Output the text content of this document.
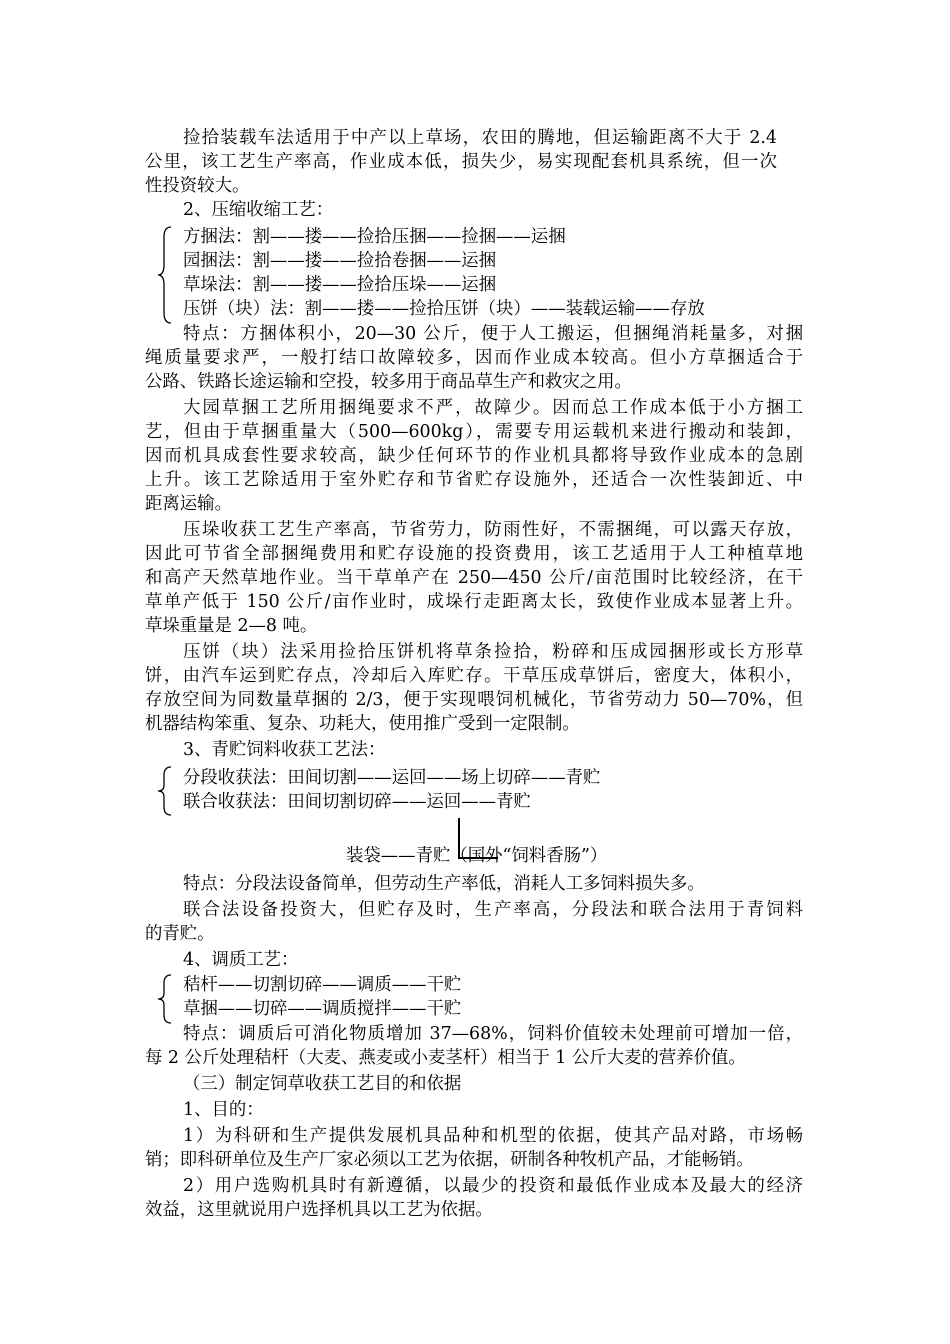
捡拾装载车法适用于中产以上草场，农田的腾地，但运输距离不大于 2.4
公里，该工艺生产率高，作业成本低，损失少，易实现配套机具系统，但一次
性投资较大。
2、压缩收缩工艺：
方捆法：割——搂——捡拾压捆——捡捆——运捆
园捆法：割——搂——捡拾卷捆——运捆
草垛法：割——搂——捡拾压垛——运捆
压饼（块）法：割——搂——捡拾压饼（块）——装载运输——存放
特点：方捆体积小，20—30 公斤，便于人工搬运，但捆绳消耗量多，对捆
绳质量要求严，一般打结口故障较多，因而作业成本较高。但小方草捆适合于
公路、铁路长途运输和空投，较多用于商品草生产和救灾之用。
大园草捆工艺所用捆绳要求不严，故障少。因而总工作成本低于小方捆工
艺，但由于草捆重量大（500—600kg），需要专用运载机来进行搬动和装卸，
因而机具成套性要求较高，缺少任何环节的作业机具都将导致作业成本的急剧
上升。该工艺除适用于室外贮存和节省贮存设施外，还适合一次性装卸近、中
距离运输。
压垛收获工艺生产率高，节省劳力，防雨性好，不需捆绳，可以露天存放，
因此可节省全部捆绳费用和贮存设施的投资费用，该工艺适用于人工种植草地
和高产天然草地作业。当干草单产在 250—450 公斤/亩范围时比较经济，在干
草单产低于 150 公斤/亩作业时，成垛行走距离太长，致使作业成本显著上升。
草垛重量是 2—8 吨。
压饼（块）法采用捡拾压饼机将草条捡拾，粉碎和压成园捆形或长方形草
饼，由汽车运到贮存点，冷却后入库贮存。干草压成草饼后，密度大，体积小，
存放空间为同数量草捆的 2/3，便于实现喂饲机械化，节省劳动力 50—70%，但
机器结构笨重、复杂、功耗大，使用推广受到一定限制。
3、青贮饲料收获工艺法：
分段收获法：田间切割——运回——场上切碎——青贮
联合收获法：田间切割切碎——运回——青贮
装袋——青贮（国外“饲料香肠”）
特点：分段法设备简单，但劳动生产率低，消耗人工多饲料损失多。
联合法设备投资大，但贮存及时，生产率高，分段法和联合法用于青饲料
的青贮。
4、调质工艺：
秸杆——切割切碎——调质——干贮
草捆——切碎——调质搅拌——干贮
特点：调质后可消化物质增加 37—68%，饲料价值较未处理前可增加一倍，
每 2 公斤处理秸杆（大麦、燕麦或小麦茎杆）相当于 1 公斤大麦的营养价值。
（三）制定饲草收获工艺目的和依据
1、目的：
1）为科研和生产提供发展机具品种和机型的依据，使其产品对路，市场畅
销；即科研单位及生产厂家必须以工艺为依据，研制各种牧机产品，才能畅销。
2）用户选购机具时有新遵循，以最少的投资和最低作业成本及最大的经济
效益，这里就说用户选择机具以工艺为依据。
